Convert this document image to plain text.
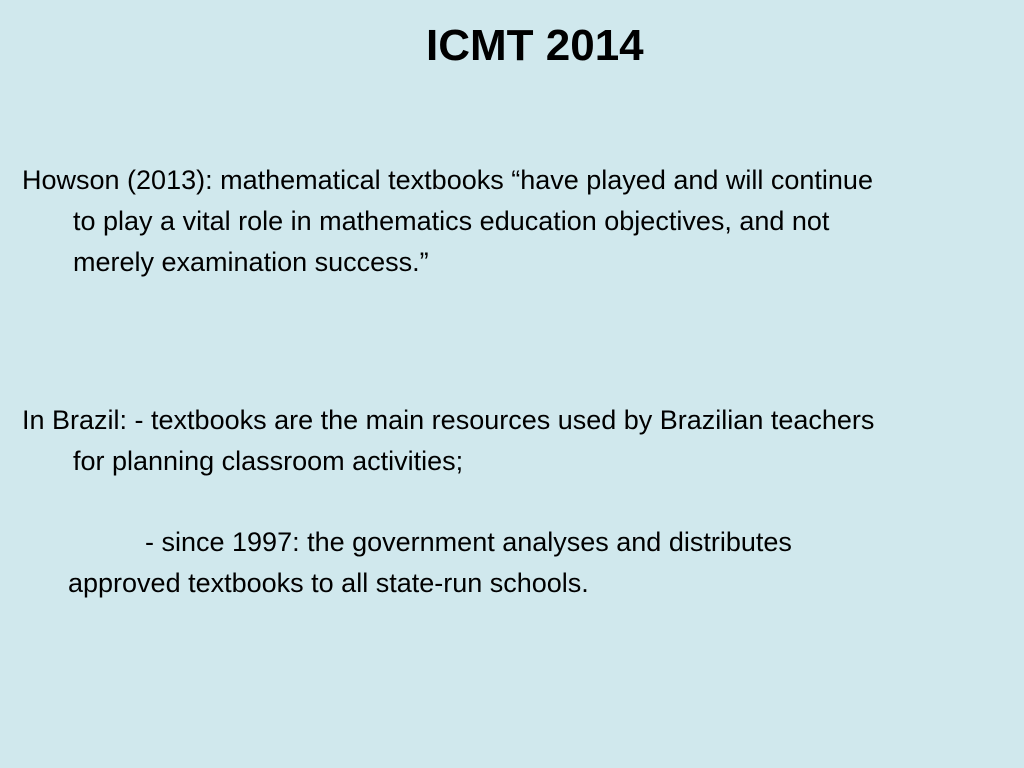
ICMT 2014
Howson (2013): mathematical textbooks “have played and will continue
to play a vital role in mathematics education objectives, and not
merely examination success.”
In Brazil: - textbooks are the main resources used by Brazilian teachers
for planning classroom activities;
- since 1997: the government analyses and distributes
approved textbooks to all state-run schools.
